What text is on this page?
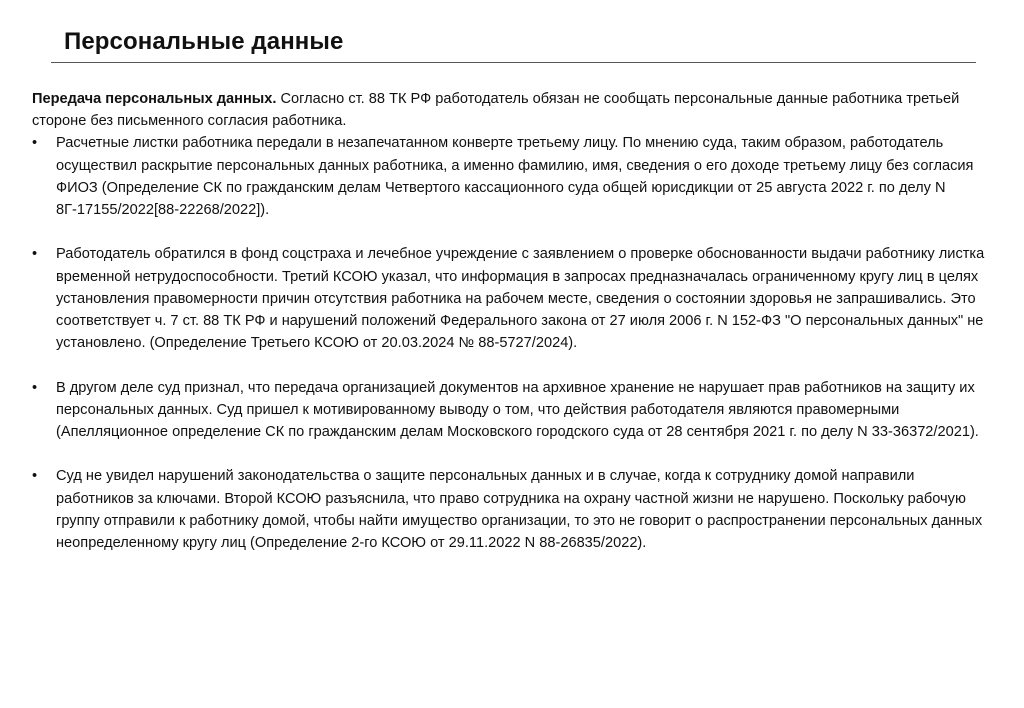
Персональные данные

Передача персональных данных. Согласно ст. 88 ТК РФ работодатель обязан не сообщать персональные данные работника третьей стороне без письменного согласия работника.

•	Расчетные листки работника передали в незапечатанном конверте третьему лицу. По мнению суда, таким образом, работодатель осуществил раскрытие персональных данных работника, а именно фамилию, имя, сведения о его доходе третьему лицу без согласия ФИОЗ (Определение СК по гражданским делам Четвертого кассационного суда общей юрисдикции от 25 августа 2022 г. по делу N 8Г-17155/2022[88-22268/2022]).
•	Работодатель обратился в фонд соцстраха и лечебное учреждение с заявлением о проверке обоснованности выдачи работнику листка временной нетрудоспособности. Третий КСОЮ указал, что информация в запросах предназначалась ограниченному кругу лиц в целях установления правомерности причин отсутствия работника на рабочем месте, сведения о состоянии здоровья не запрашивались. Это соответствует ч. 7 ст. 88 ТК РФ и нарушений положений Федерального закона от 27 июля 2006 г. N 152-ФЗ "О персональных данных" не установлено. (Определение Третьего КСОЮ от 20.03.2024 № 88-5727/2024).
•	В другом деле суд признал, что передача организацией документов на архивное хранение не нарушает прав работников на защиту их персональных данных. Суд пришел к мотивированному выводу о том, что действия работодателя являются правомерными (Апелляционное определение СК по гражданским делам Московского городского суда от 28 сентября 2021 г. по делу N 33-36372/2021).
•	Суд не увидел нарушений законодательства о защите персональных данных и в случае, когда к сотруднику домой направили работников за ключами. Второй КСОЮ разъяснила, что право сотрудника на охрану частной жизни не нарушено. Поскольку рабочую группу отправили к работнику домой, чтобы найти имущество организации, то это не говорит о распространении персональных данных неопределенному кругу лиц (Определение 2-го КСОЮ от 29.11.2022 N 88-26835/2022).
